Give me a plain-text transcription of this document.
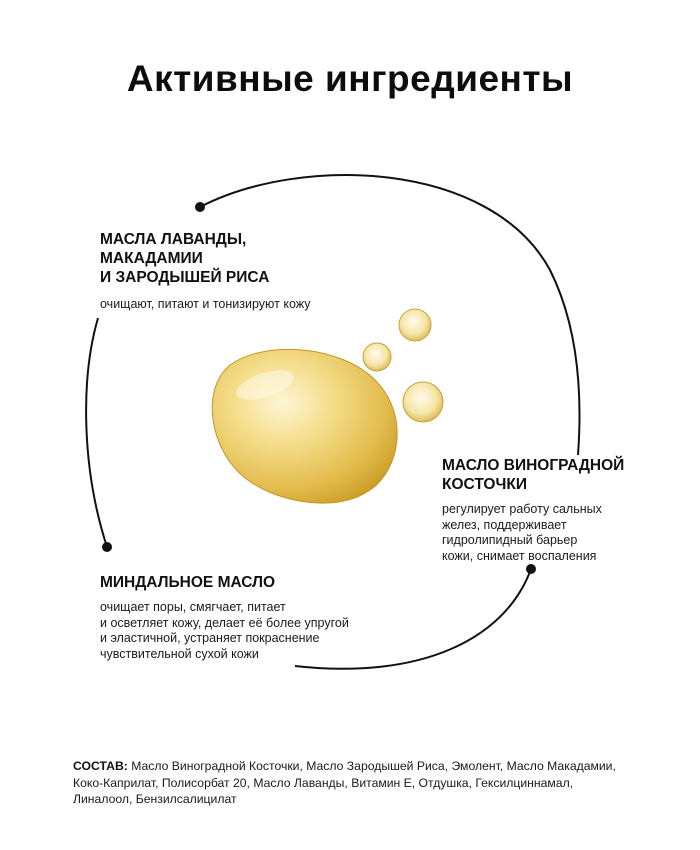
Активные ингредиенты
МАСЛА ЛАВАНДЫ,
МАКАДАМИИ
И ЗАРОДЫШЕЙ РИСА

очищают, питают и тонизируют кожу

МАСЛО ВИНОГРАДНОЙ
КОСТОЧКИ

регулирует работу сальных
желез, поддерживает
гидролипидный барьер
кожи, снимает воспаления

МИНДАЛЬНОЕ МАСЛО

очищает поры, смягчает, питает
и осветляет кожу, делает её более упругой
и эластичной, устраняет покраснение
чувствительной сухой кожи

СОСТАВ: Масло Виноградной Косточки, Масло Зародышей Риса, Эмолент, Масло Макадамии,
Коко-Каприлат, Полисорбат 20, Масло Лаванды, Витамин Е, Отдушка, Гексилциннамал,
Линалоол, Бензилсалицилат
